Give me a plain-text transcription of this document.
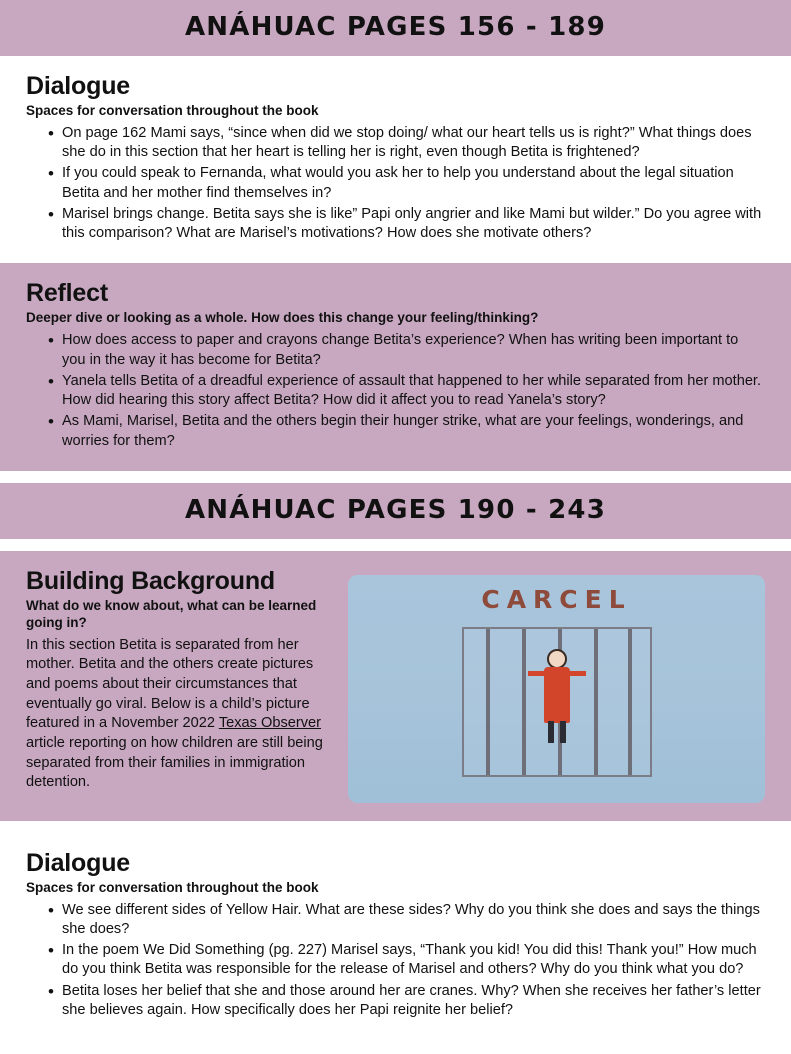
ANÁHUAC PAGES 156 - 189
Dialogue

Spaces for conversation throughout the book

• On page 162 Mami says, “since when did we stop doing/ what our heart tells us is right?” What things does she do in this section that her heart is telling her is right, even though Betita is frightened?
• If you could speak to Fernanda, what would you ask her to help you understand about the legal situation Betita and her mother find themselves in?
• Marisel brings change. Betita says she is like” Papi only angrier and like Mami but wilder.” Do you agree with this comparison? What are Marisel’s motivations? How does she motivate others?
Reflect

Deeper dive or looking as a whole. How does this change your feeling/thinking?

• How does access to paper and crayons change Betita’s experience? When has writing been important to you in the way it has become for Betita?
• Yanela tells Betita of a dreadful experience of assault that happened to her while separated from her mother. How did hearing this story affect Betita? How did it affect you to read Yanela’s story?
• As Mami, Marisel, Betita and the others begin their hunger strike, what are your feelings, wonderings, and worries for them?
ANÁHUAC PAGES 190 - 243
Building Background

What do we know about, what can be learned going in?

In this section Betita is separated from her mother. Betita and the others create pictures and poems about their circumstances that eventually go viral. Below is a child’s picture featured in a November 2022 Texas Observer article reporting on how children are still being separated from their families in immigration detention.

CARCEL
Dialogue

Spaces for conversation throughout the book

• We see different sides of Yellow Hair. What are these sides? Why do you think she does and says the things she does?
• In the poem We Did Something (pg. 227) Marisel says, “Thank you kid! You did this! Thank you!” How much do you think Betita was responsible for the release of Marisel and others? Why do you think what you do?
• Betita loses her belief that she and those around her are cranes. Why? When she receives her father’s letter she believes again. How specifically does her Papi reignite her belief?
